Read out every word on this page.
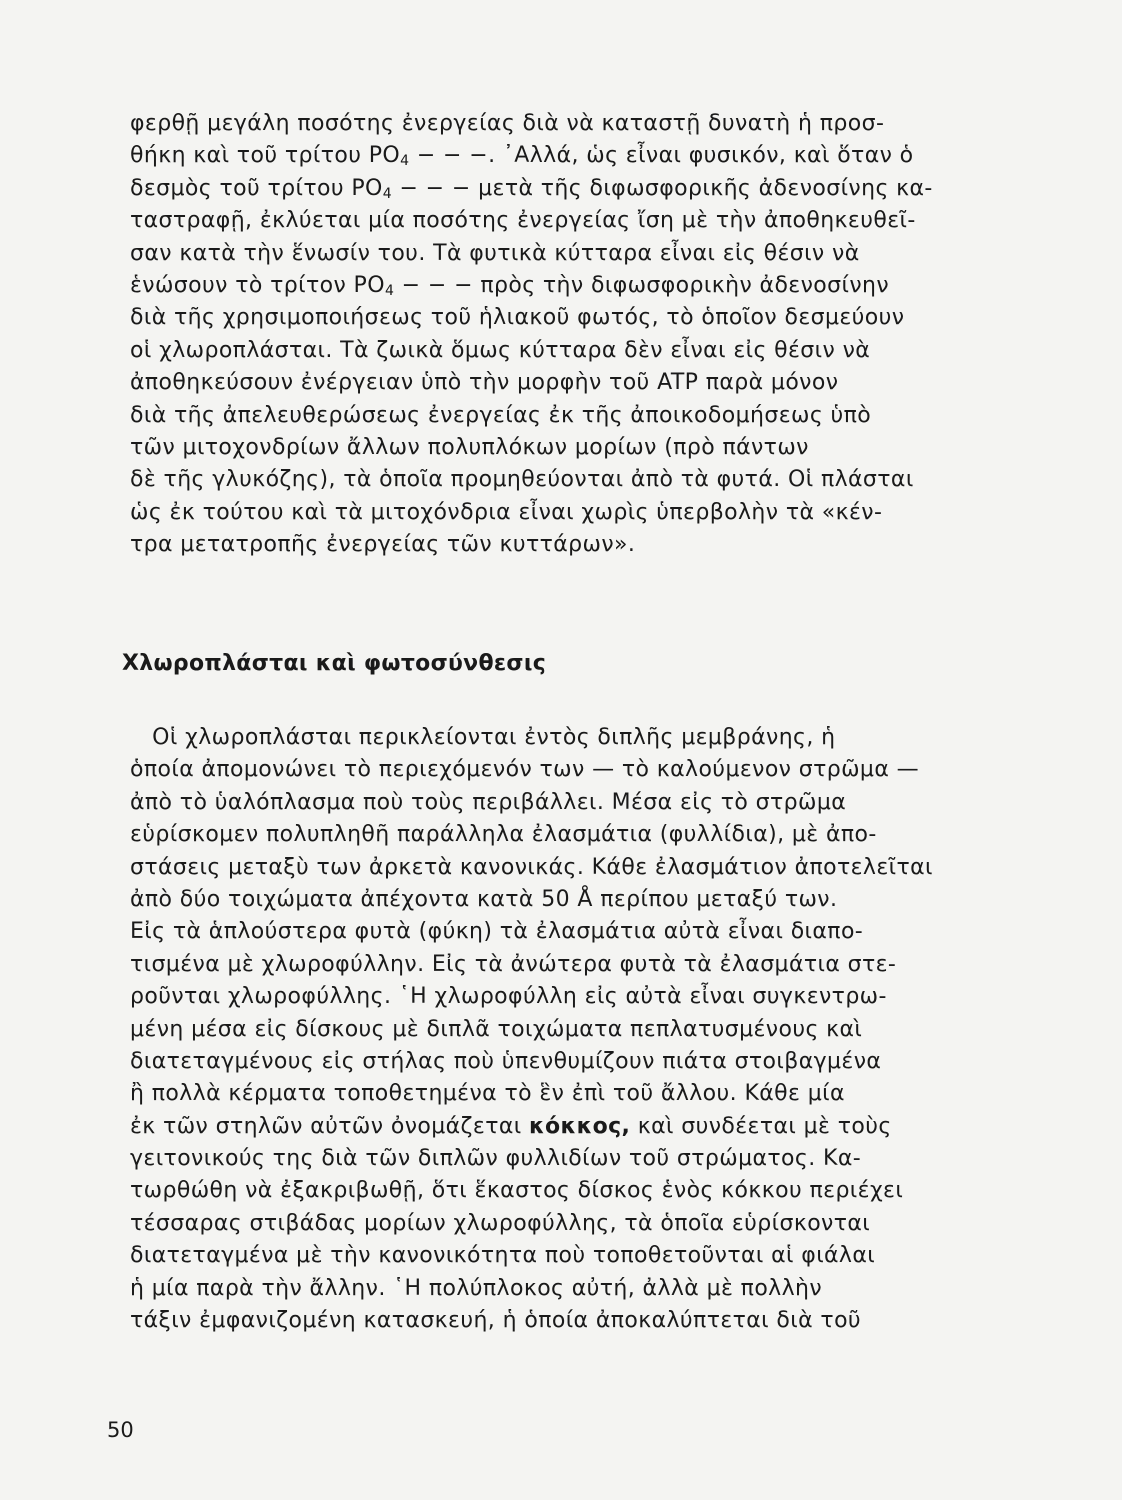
φερθῇ μεγάλη ποσότης ἐνεργείας διὰ νὰ καταστῇ δυνατὴ ἡ προσ-
θήκη καὶ τοῦ τρίτου $PO_4$ − − −. ᾿Αλλά, ὡς εἶναι φυσικόν, καὶ ὅταν ὁ
δεσμὸς τοῦ τρίτου $PO_4$ − − − μετὰ τῆς διφωσφορικῆς ἀδενοσίνης κα-
ταστραφῇ, ἐκλύεται μία ποσότης ἐνεργείας ἴση μὲ τὴν ἀποθηκευθεῖ-
σαν κατὰ τὴν ἕνωσίν του. Τὰ φυτικὰ κύτταρα εἶναι εἰς θέσιν νὰ
ἑνώσουν τὸ τρίτον $PO_4$ − − − πρὸς τὴν διφωσφορικὴν ἀδενοσίνην
διὰ τῆς χρησιμοποιήσεως τοῦ ἡλιακοῦ φωτός, τὸ ὁποῖον δεσμεύουν
οἱ χλωροπλάσται. Τὰ ζωικὰ ὅμως κύτταρα δὲν εἶναι εἰς θέσιν νὰ
ἀποθηκεύσουν ἐνέργειαν ὑπὸ τὴν μορφὴν τοῦ ATP παρὰ μόνον
διὰ τῆς ἀπελευθερώσεως ἐνεργείας ἐκ τῆς ἀποικοδομήσεως ὑπὸ
τῶν μιτοχονδρίων ἄλλων πολυπλόκων μορίων (πρὸ πάντων
δὲ τῆς γλυκόζης), τὰ ὁποῖα προμηθεύονται ἀπὸ τὰ φυτά. Οἱ πλάσται
ὡς ἐκ τούτου καὶ τὰ μιτοχόνδρια εἶναι χωρὶς ὑπερβολὴν τὰ «κέν-
τρα μετατροπῆς ἐνεργείας τῶν κυττάρων».
Χλωροπλάσται καὶ φωτοσύνθεσις
Οἱ χλωροπλάσται περικλείονται ἐντὸς διπλῆς μεμβράνης, ἡ
ὁποία ἀπομονώνει τὸ περιεχόμενόν των — τὸ καλούμενον στρῶμα —
ἀπὸ τὸ ὑαλόπλασμα ποὺ τοὺς περιβάλλει. Μέσα εἰς τὸ στρῶμα
εὑρίσκομεν πολυπληθῆ παράλληλα ἐλασμάτια (φυλλίδια), μὲ ἀπο-
στάσεις μεταξὺ των ἀρκετὰ κανονικάς. Κάθε ἐλασμάτιον ἀποτελεῖται
ἀπὸ δύο τοιχώματα ἀπέχοντα κατὰ 50 Å περίπου μεταξύ των.
Εἰς τὰ ἁπλούστερα φυτὰ (φύκη) τὰ ἐλασμάτια αὐτὰ εἶναι διαπο-
τισμένα μὲ χλωροφύλλην. Εἰς τὰ ἀνώτερα φυτὰ τὰ ἐλασμάτια στε-
ροῦνται χλωροφύλλης. ῾Η χλωροφύλλη εἰς αὐτὰ εἶναι συγκεντρω-
μένη μέσα εἰς δίσκους μὲ διπλᾶ τοιχώματα πεπλατυσμένους καὶ
διατεταγμένους εἰς στήλας ποὺ ὑπενθυμίζουν πιάτα στοιβαγμένα
ἢ πολλὰ κέρματα τοποθετημένα τὸ ἓν ἐπὶ τοῦ ἄλλου. Κάθε μία
ἐκ τῶν στηλῶν αὐτῶν ὀνομάζεται κόκκος, καὶ συνδέεται μὲ τοὺς
γειτονικούς της διὰ τῶν διπλῶν φυλλιδίων τοῦ στρώματος. Κα-
τωρθώθη νὰ ἐξακριβωθῇ, ὅτι ἕκαστος δίσκος ἑνὸς κόκκου περιέχει
τέσσαρας στιβάδας μορίων χλωροφύλλης, τὰ ὁποῖα εὑρίσκονται
διατεταγμένα μὲ τὴν κανονικότητα ποὺ τοποθετοῦνται αἱ φιάλαι
ἡ μία παρὰ τὴν ἄλλην. ῾Η πολύπλοκος αὐτή, ἀλλὰ μὲ πολλὴν
τάξιν ἐμφανιζομένη κατασκευή, ἡ ὁποία ἀποκαλύπτεται διὰ τοῦ
50
